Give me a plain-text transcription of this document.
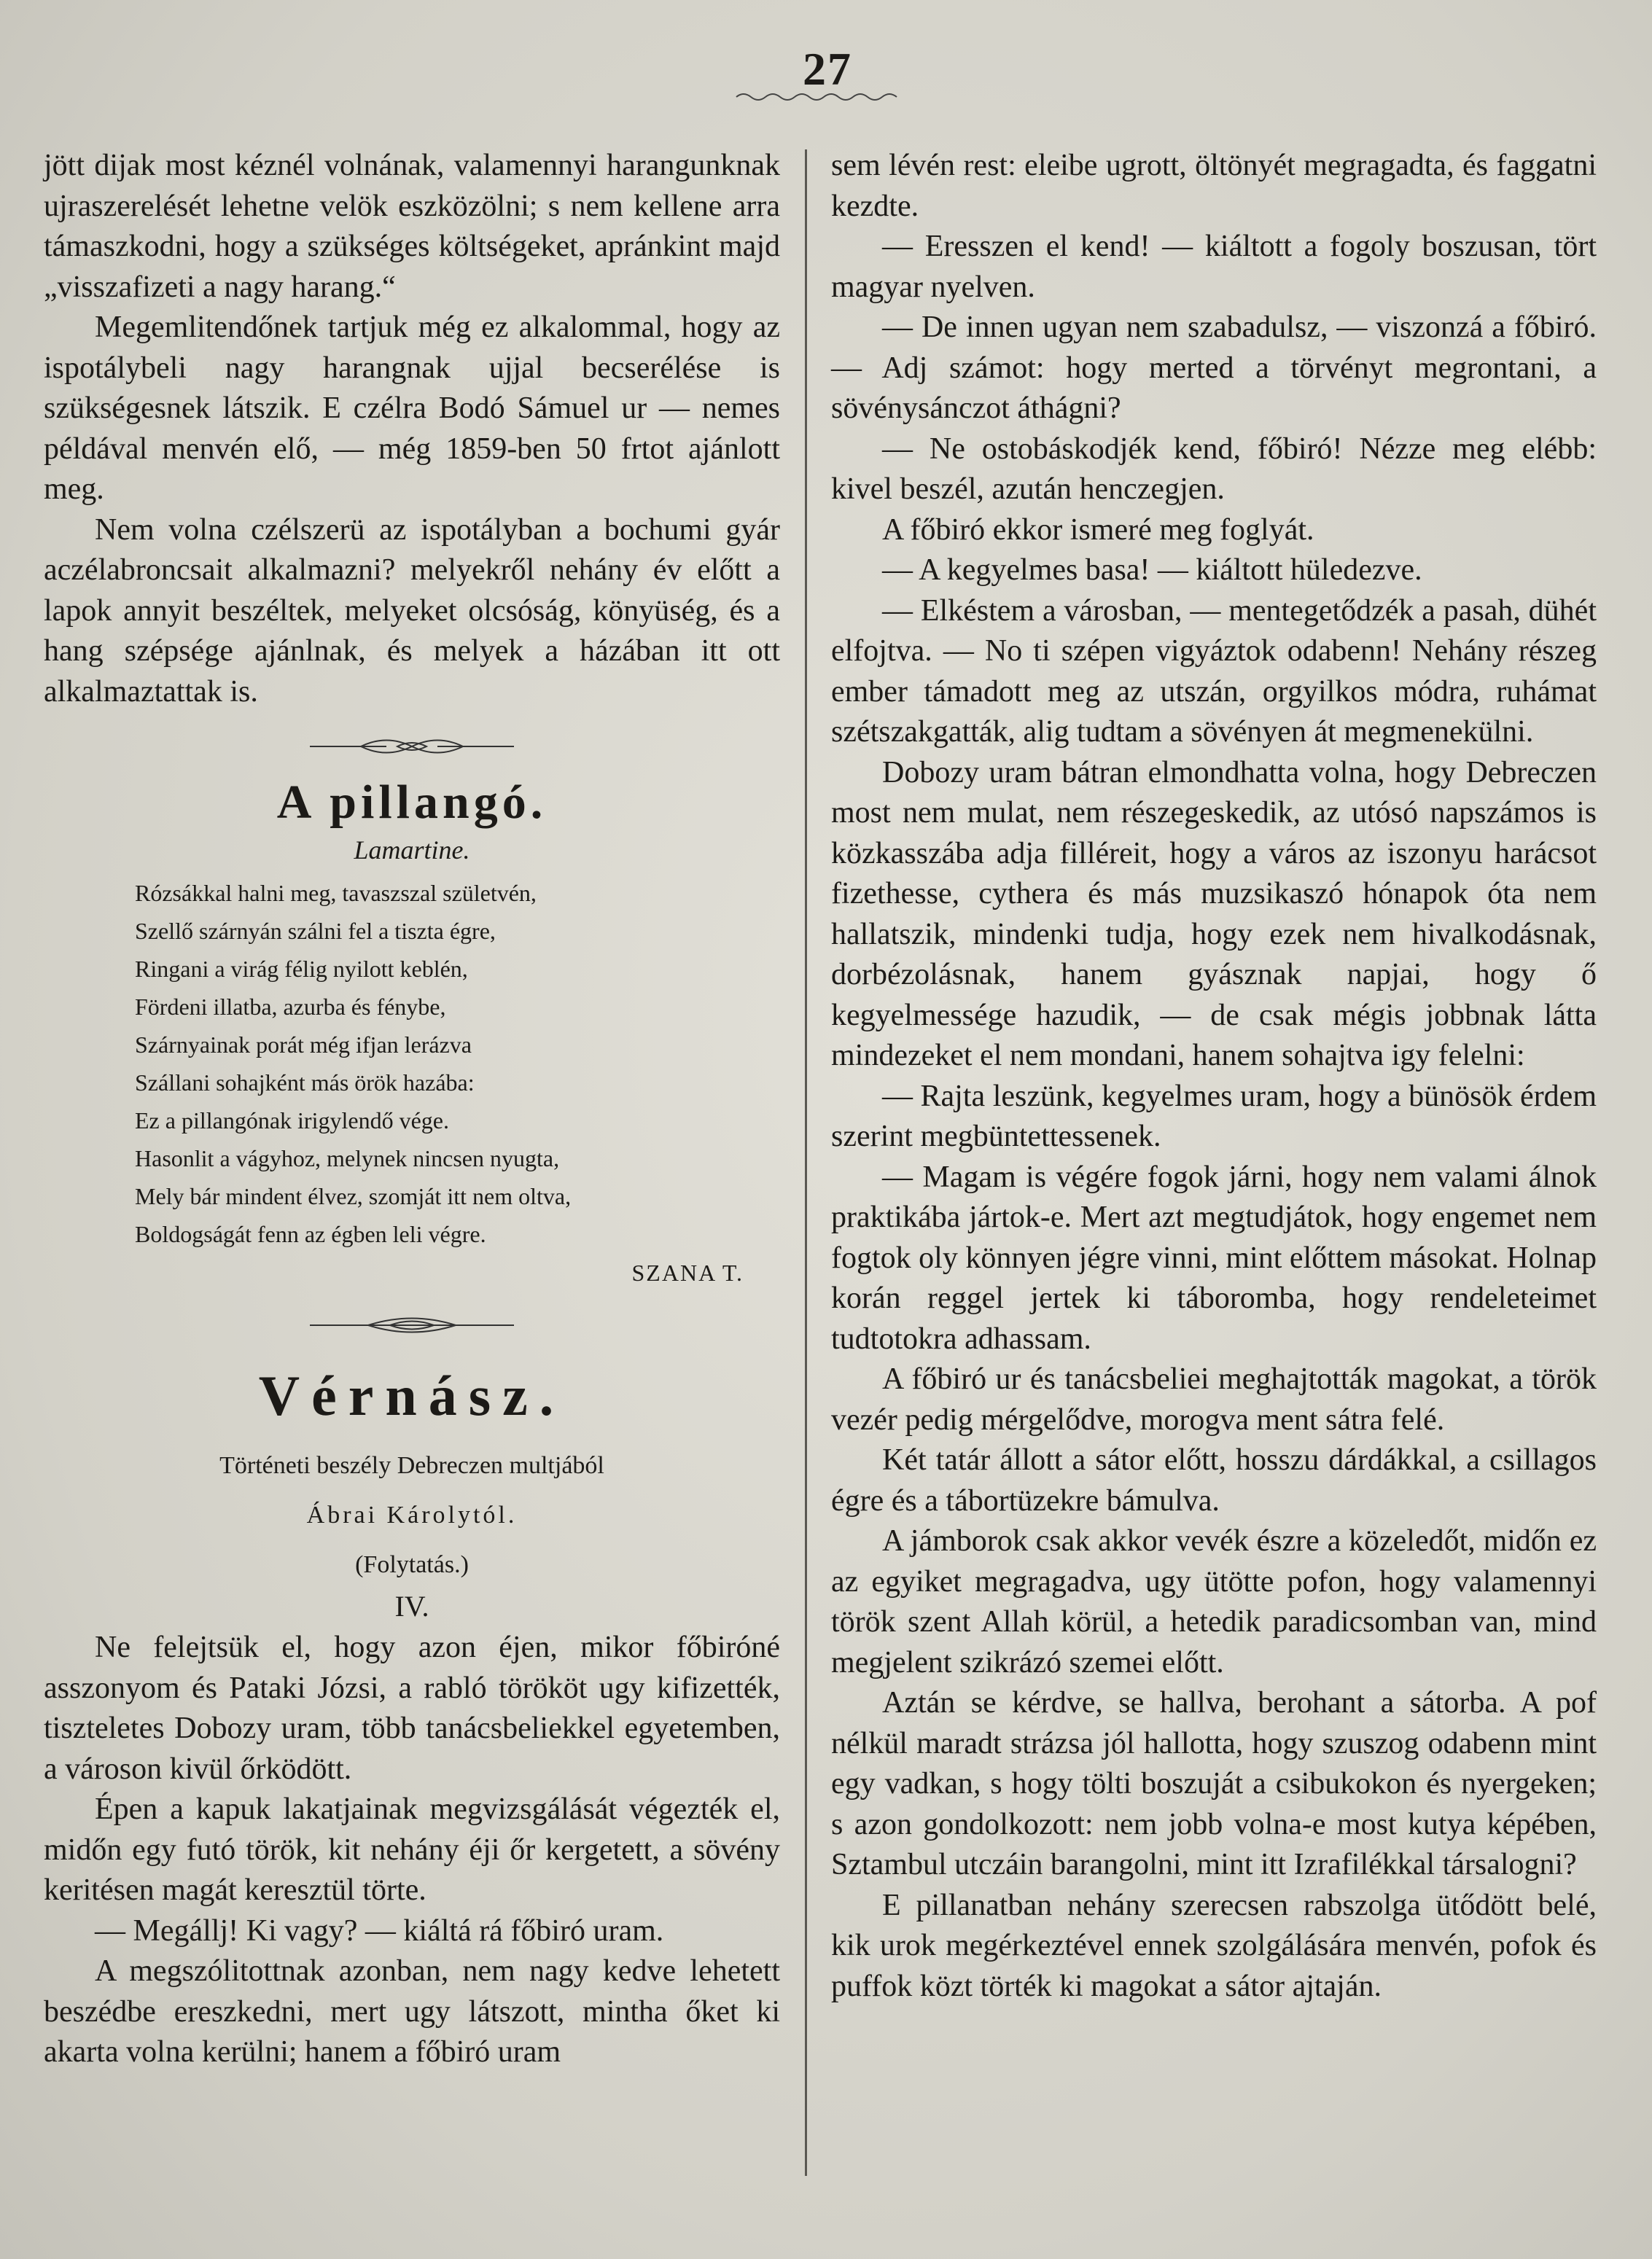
27

jött dijak most kéznél volnának, valamennyi harangunknak ujraszerelését lehetne velök eszközölni; s nem kellene arra támaszkodni, hogy a szükséges költségeket, apránkint majd „visszafizeti a nagy harang.“

Megemlitendőnek tartjuk még ez alkalommal, hogy az ispotálybeli nagy harangnak ujjal becserélése is szükségesnek látszik. E czélra Bodó Sámuel ur — nemes példával menvén elő, — még 1859-ben 50 frtot ajánlott meg.

Nem volna czélszerü az ispotályban a bochumi gyár aczélabroncsait alkalmazni? melyekről nehány év előtt a lapok annyit beszéltek, melyeket olcsóság, könyüség, és a hang szépsége ajánlnak, és melyek a házában itt ott alkalmaztattak is.

A pillangó.

Lamartine.
Rózsákkal halni meg, tavaszszal születvén,
Szellő szárnyán szálni fel a tiszta égre,
Ringani a virág félig nyilott keblén,
Fördeni illatba, azurba és fénybe,
Szárnyainak porát még ifjan lerázva
Szállani sohajként más örök hazába:
Ez a pillangónak irigylendő vége.
Hasonlit a vágyhoz, melynek nincsen nyugta,
Mely bár mindent élvez, szomját itt nem oltva,
Boldogságát fenn az égben leli végre.
SZANA T.

Vérnász.

Történeti beszély Debreczen multjából
Ábrai Károlytól.
(Folytatás.)
IV.

Ne felejtsük el, hogy azon éjen, mikor főbiróné asszonyom és Pataki Józsi, a rabló törököt ugy kifizették, tiszteletes Dobozy uram, több tanácsbeliekkel egyetemben, a városon kivül őrködött.

Épen a kapuk lakatjainak megvizsgálását végezték el, midőn egy futó török, kit nehány éji őr kergetett, a sövény keritésen magát keresztül törte.

— Megállj! Ki vagy? — kiáltá rá főbiró uram.

A megszólitottnak azonban, nem nagy kedve lehetett beszédbe ereszkedni, mert ugy látszott, mintha őket ki akarta volna kerülni; hanem a főbiró uram

sem lévén rest: eleibe ugrott, öltönyét megragadta, és faggatni kezdte.

— Eresszen el kend! — kiáltott a fogoly boszusan, tört magyar nyelven.

— De innen ugyan nem szabadulsz, — viszonzá a főbiró. — Adj számot: hogy merted a törvényt megrontani, a sövénysánczot áthágni?

— Ne ostobáskodjék kend, főbiró! Nézze meg elébb: kivel beszél, azután henczegjen.

A főbiró ekkor ismeré meg foglyát.

— A kegyelmes basa! — kiáltott hüledezve.

— Elkéstem a városban, — mentegetődzék a pasah, dühét elfojtva. — No ti szépen vigyáztok odabenn! Nehány részeg ember támadott meg az utszán, orgyilkos módra, ruhámat szétszakgatták, alig tudtam a sövényen át megmenekülni.

Dobozy uram bátran elmondhatta volna, hogy Debreczen most nem mulat, nem részegeskedik, az utósó napszámos is közkasszába adja filléreit, hogy a város az iszonyu harácsot fizethesse, cythera és más muzsikaszó hónapok óta nem hallatszik, mindenki tudja, hogy ezek nem hivalkodásnak, dorbézolásnak, hanem gyásznak napjai, hogy ő kegyelmessége hazudik, — de csak mégis jobbnak látta mindezeket el nem mondani, hanem sohajtva igy felelni:

— Rajta leszünk, kegyelmes uram, hogy a bünösök érdem szerint megbüntettessenek.

— Magam is végére fogok járni, hogy nem valami álnok praktikába jártok-e. Mert azt megtudjátok, hogy engemet nem fogtok oly könnyen jégre vinni, mint előttem másokat. Holnap korán reggel jertek ki táboromba, hogy rendeleteimet tudtotokra adhassam.

A főbiró ur és tanácsbeliei meghajtották magokat, a török vezér pedig mérgelődve, morogva ment sátra felé.

Két tatár állott a sátor előtt, hosszu dárdákkal, a csillagos égre és a tábortüzekre bámulva.

A jámborok csak akkor vevék észre a közeledőt, midőn ez az egyiket megragadva, ugy ütötte pofon, hogy valamennyi török szent Allah körül, a hetedik paradicsomban van, mind megjelent szikrázó szemei előtt.

Aztán se kérdve, se hallva, berohant a sátorba. A pof nélkül maradt strázsa jól hallotta, hogy szuszog odabenn mint egy vadkan, s hogy tölti boszuját a csibukokon és nyergeken; s azon gondolkozott: nem jobb volna-e most kutya képében, Sztambul utczáin barangolni, mint itt Izrafilékkal társalogni?

E pillanatban nehány szerecsen rabszolga ütődött belé, kik urok megérkeztével ennek szolgálására menvén, pofok és puffok közt törték ki magokat a sátor ajtaján.
